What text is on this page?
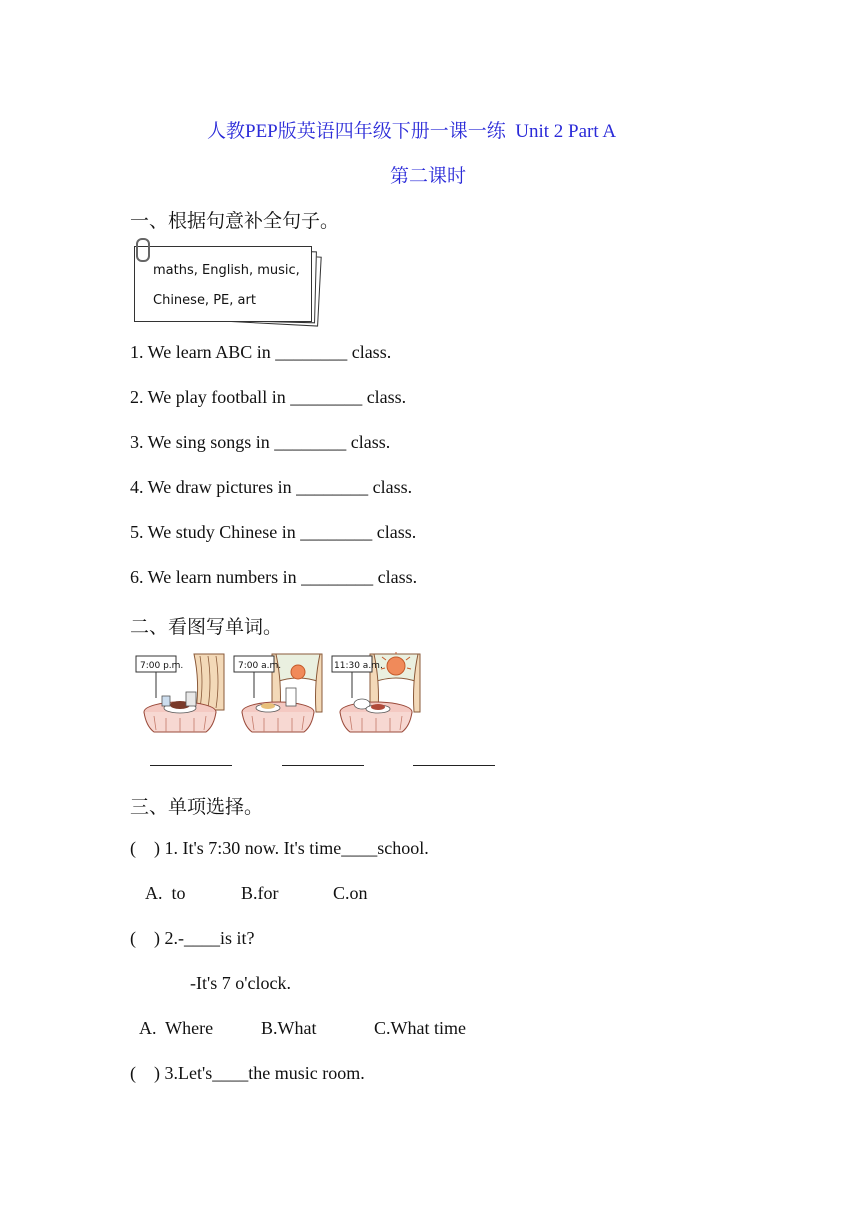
人教PEP版英语四年级下册一课一练  Unit 2 Part A
第二课时
一、根据句意补全句子。
maths, English, music,
Chinese, PE, art
1. We learn ABC in ________ class.
2. We play football in ________ class.
3. We sing songs in ________ class.
4. We draw pictures in ________ class.
5. We study Chinese in ________ class.
6. We learn numbers in ________ class.
二、看图写单词。
7:00 p.m.	7:00 a.m.	11:30 a.m.
三、单项选择。
(    ) 1. It's 7:30 now. It's time____school.
A.  to	B.for	C.on
(    ) 2.-____is it?
-It's 7 o'clock.
A.  Where	B.What	C.What time
(    ) 3.Let's____the music room.
